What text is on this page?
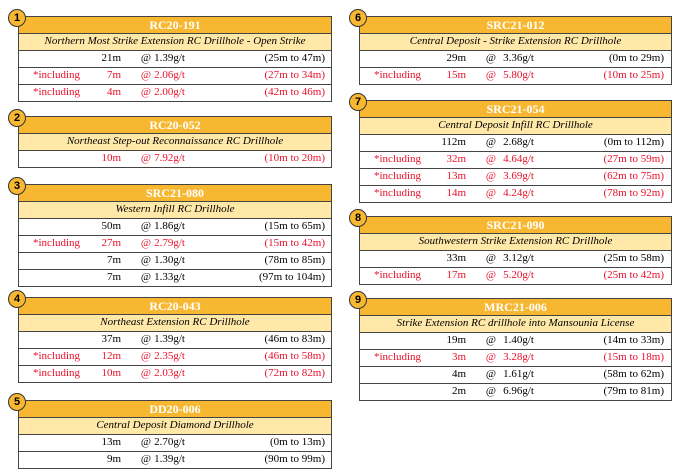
1	RC20-191
Northern Most Strike Extension RC Drillhole - Open Strike
21m @ 1.39g/t	(25m to 47m)
*including 7m @ 2.06g/t	(27m to 34m)
*including 4m @ 2.00g/t	(42m to 46m)
2	RC20-052
Northeast Step-out Reconnaissance RC Drillhole
10m @ 7.92g/t	(10m to 20m)
3	SRC21-080
Western Infill RC Drillhole
50m @ 1.86g/t	(15m to 65m)
*including 27m @ 2.79g/t	(15m to 42m)
7m @ 1.30g/t	(78m to 85m)
7m @ 1.33g/t	(97m to 104m)
4	RC20-043
Northeast Extension RC Drillhole
37m @ 1.39g/t	(46m to 83m)
*including 12m @ 2.35g/t	(46m to 58m)
*including 10m @ 2.03g/t	(72m to 82m)
5	DD20-006
Central Deposit Diamond Drillhole
13m @ 2.70g/t	(0m to 13m)
9m @ 1.39g/t	(90m to 99m)
6	SRC21-012
Central Deposit - Strike Extension RC Drillhole
29m @ 3.36g/t	(0m to 29m)
*including 15m @ 5.80g/t	(10m to 25m)
7	SRC21-054
Central Deposit Infill RC Drillhole
112m @ 2.68g/t	(0m to 112m)
*including 32m @ 4.64g/t	(27m to 59m)
*including 13m @ 3.69g/t	(62m to 75m)
*including 14m @ 4.24g/t	(78m to 92m)
8	SRC21-090
Southwestern Strike Extension RC Drillhole
33m @ 3.12g/t	(25m to 58m)
*including 17m @ 5.20g/t	(25m to 42m)
9	MRC21-006
Strike Extension RC drillhole into Mansounia License
19m @ 1.40g/t	(14m to 33m)
*including	3m @ 3.28g/t	(15m to 18m)
4m @ 1.61g/t	(58m to 62m)
2m @ 6.96g/t	(79m to 81m)
